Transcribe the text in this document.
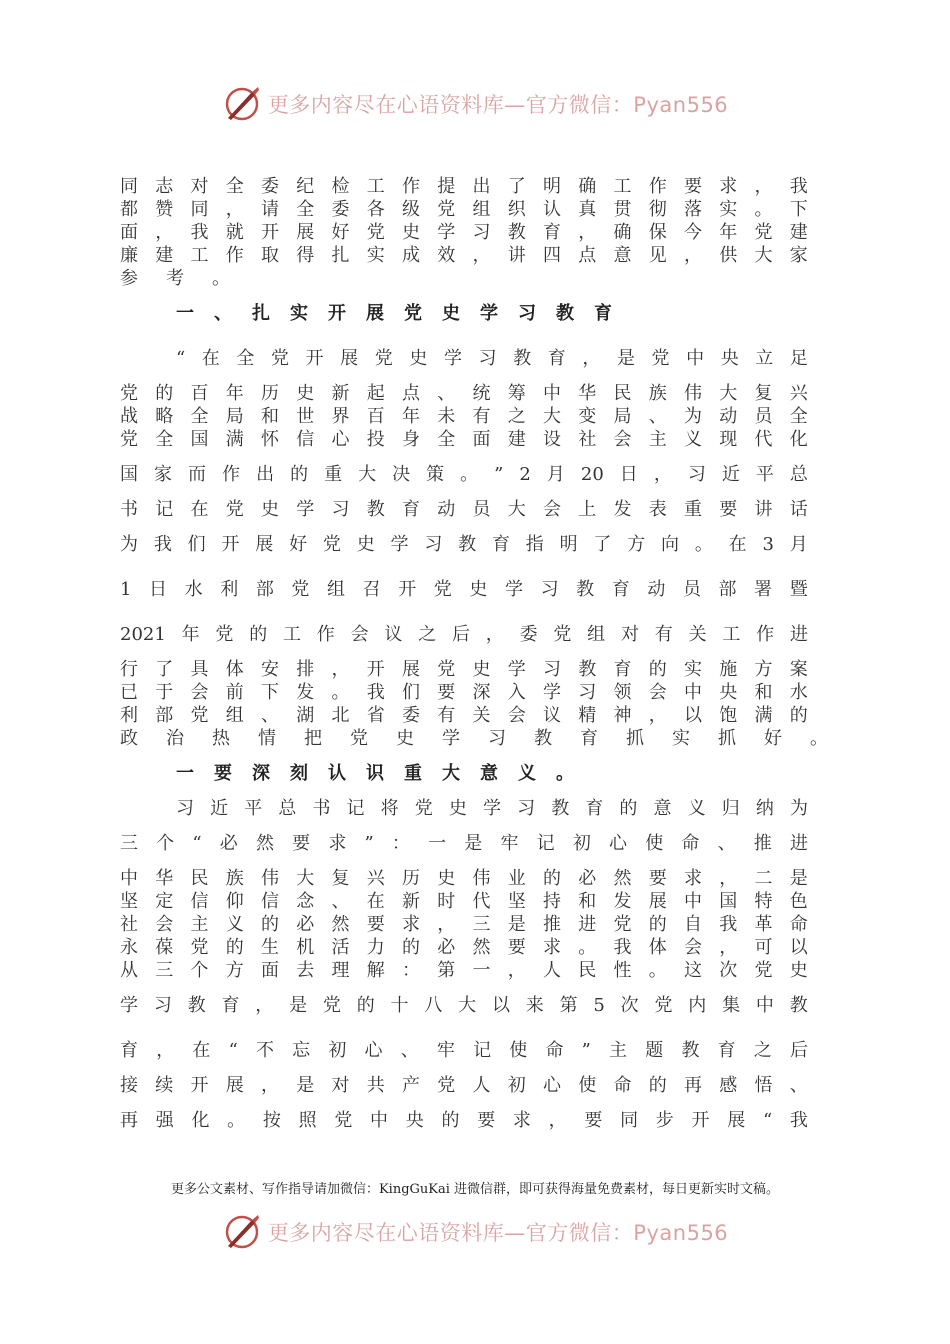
更多内容尽在心语资料库—官方微信：Pyan556
同 志 对 全 委 纪 检 工 作 提 出 了 明 确 工 作 要 求 ， 我
都 赞 同 ， 请 全 委 各 级 党 组 织 认 真 贯 彻 落 实 。 下
面 ， 我 就 开 展 好 党 史 学 习 教 育 ， 确 保 今 年 党 建
廉 建 工 作 取 得 扎 实 成 效 ， 讲 四 点 意 见 ， 供 大 家
参 考 。
一 、 扎 实 开 展 党 史 学 习 教 育
“ 在 全 党 开 展 党 史 学 习 教 育 ， 是 党 中 央 立 足
党 的 百 年 历 史 新 起 点 、 统 筹 中 华 民 族 伟 大 复 兴
战 略 全 局 和 世 界 百 年 未 有 之 大 变 局 、 为 动 员 全
党 全 国 满 怀 信 心 投 身 全 面 建 设 社 会 主 义 现 代 化
国 家 而 作 出 的 重 大 决 策 。 ” 2 月 20 日 ， 习 近 平 总
书 记 在 党 史 学 习 教 育 动 员 大 会 上 发 表 重 要 讲 话
为 我 们 开 展 好 党 史 学 习 教 育 指 明 了 方 向 。 在 3 月
1 日 水 利 部 党 组 召 开 党 史 学 习 教 育 动 员 部 署 暨
2021 年 党 的 工 作 会 议 之 后 ， 委 党 组 对 有 关 工 作 进
行 了 具 体 安 排 ， 开 展 党 史 学 习 教 育 的 实 施 方 案
已 于 会 前 下 发 。 我 们 要 深 入 学 习 领 会 中 央 和 水
利 部 党 组 、 湖 北 省 委 有 关 会 议 精 神 ， 以 饱 满 的
政 治 热 情 把 党 史 学 习 教 育 抓 实 抓 好 。
一 要 深 刻 认 识 重 大 意 义 。
习 近 平 总 书 记 将 党 史 学 习 教 育 的 意 义 归 纳 为
三 个 “ 必 然 要 求 ” ： 一 是 牢 记 初 心 使 命 、 推 进
中 华 民 族 伟 大 复 兴 历 史 伟 业 的 必 然 要 求 ， 二 是
坚 定 信 仰 信 念 、 在 新 时 代 坚 持 和 发 展 中 国 特 色
社 会 主 义 的 必 然 要 求 ， 三 是 推 进 党 的 自 我 革 命
永 葆 党 的 生 机 活 力 的 必 然 要 求 。 我 体 会 ， 可 以
从 三 个 方 面 去 理 解 ： 第 一 ， 人 民 性 。 这 次 党 史
学 习 教 育 ， 是 党 的 十 八 大 以 来 第 5 次 党 内 集 中 教
育 ， 在 “ 不 忘 初 心 、 牢 记 使 命 ” 主 题 教 育 之 后
接 续 开 展 ， 是 对 共 产 党 人 初 心 使 命 的 再 感 悟 、
再 强 化 。 按 照 党 中 央 的 要 求 ， 要 同 步 开 展 “ 我
更多公文素材、写作指导请加微信：KingGuKai 进微信群，即可获得海量免费素材，每日更新实时文稿。
更多内容尽在心语资料库—官方微信：Pyan556
